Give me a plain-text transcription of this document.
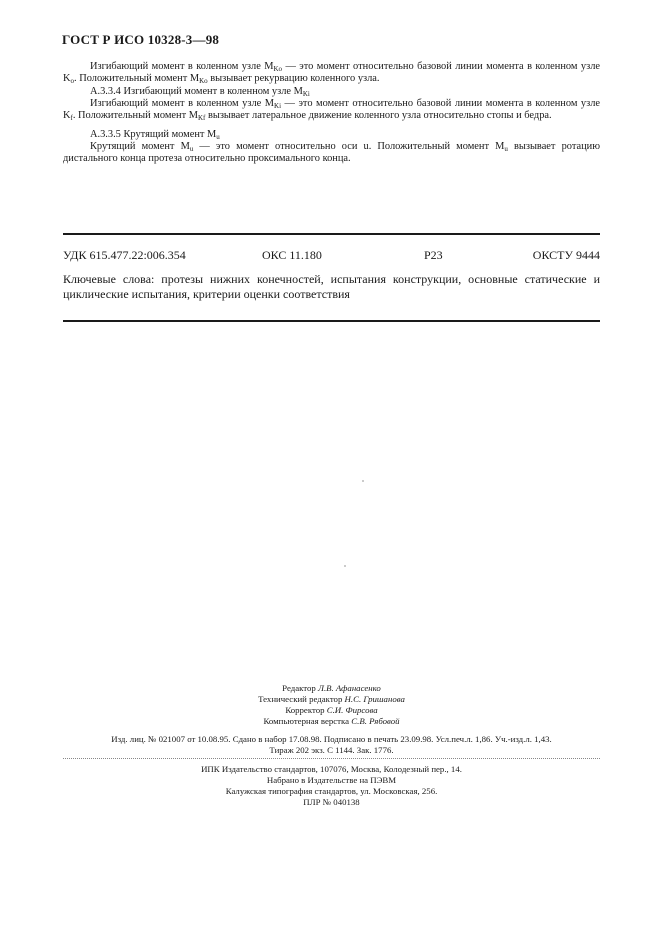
ГОСТ Р ИСО 10328-3—98
Изгибающий момент в коленном узле $M_{Ko}$ — это момент относительно базовой линии момента в коленном узле $K_o$. Положительный момент $M_{Ko}$ вызывает рекурвацию коленного узла.
A.3.3.4 Изгибающий момент в коленном узле $M_{Ki}$
Изгибающий момент в коленном узле $M_{Ki}$ — это момент относительно базовой линии момента в коленном узле $K_f$. Положительный момент $M_{Kf}$ вызывает латеральное движение коленного узла относительно стопы и бедра.
A.3.3.5 Крутящий момент $M_u$
Крутящий момент $M_u$ — это момент относительно оси u. Положительный момент $M_u$ вызывает ротацию дистального конца протеза относительно проксимального конца.
УДК 615.477.22:006.354	ОКС 11.180	Р23	ОКСТУ 9444
Ключевые слова: протезы нижних конечностей, испытания конструкции, основные статические и циклические испытания, критерии оценки соответствия
Редактор Л.В. Афанасенко
Технический редактор Н.С. Гришанова
Корректор С.И. Фирсова
Компьютерная верстка С.В. Рябовой
Изд. лиц. № 021007 от 10.08.95. Сдано в набор 17.08.98. Подписано в печать 23.09.98. Усл.печ.л. 1,86. Уч.-изд.л. 1,43.
Тираж 202 экз. С 1144. Зак. 1776.
ИПК Издательство стандартов, 107076, Москва, Колодезный пер., 14.
Набрано в Издательстве на ПЭВМ
Калужская типография стандартов, ул. Московская, 256.
ПЛР № 040138
